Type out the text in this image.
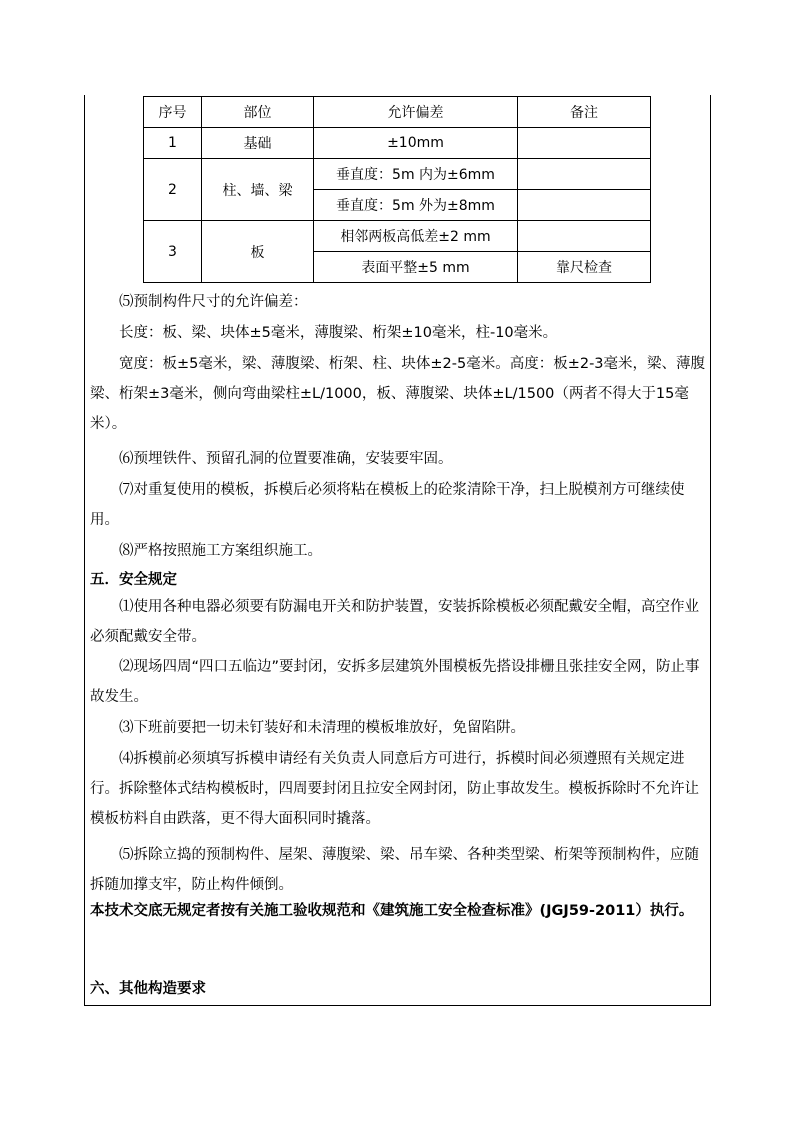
序号	部位	允许偏差	备注
1	基础	±10mm	
2	柱、墙、梁	垂直度：5m 内为±6mm	
		垂直度：5m 外为±8mm	
3	板	相邻两板高低差±2 mm	
		表面平整±5 mm	靠尺检查
⑸预制构件尺寸的允许偏差：
长度：板、梁、块体±5毫米，薄腹梁、桁架±10毫米，柱-10毫米。
宽度：板±5毫米，梁、薄腹梁、桁架、柱、块体±2-5毫米。高度：板±2-3毫米，梁、薄腹梁、桁架±3毫米，侧向弯曲梁柱±L/1000，板、薄腹梁、块体±L/1500（两者不得大于15毫米）。
⑹预埋铁件、预留孔洞的位置要准确，安装要牢固。
⑺对重复使用的模板，拆模后必须将粘在模板上的砼浆清除干净，扫上脱模剂方可继续使用。
⑻严格按照施工方案组织施工。
五．安全规定
⑴使用各种电器必须要有防漏电开关和防护装置，安装拆除模板必须配戴安全帽，高空作业必须配戴安全带。
⑵现场四周“四口五临边”要封闭，安拆多层建筑外围模板先搭设排栅且张挂安全网，防止事故发生。
⑶下班前要把一切未钉装好和未清理的模板堆放好，免留陷阱。
⑷拆模前必须填写拆模申请经有关负责人同意后方可进行，拆模时间必须遵照有关规定进行。拆除整体式结构模板时，四周要封闭且拉安全网封闭，防止事故发生。模板拆除时不允许让模板枋料自由跌落，更不得大面积同时撬落。
⑸拆除立捣的预制构件、屋架、薄腹梁、梁、吊车梁、各种类型梁、桁架等预制构件，应随拆随加撑支牢，防止构件倾倒。
本技术交底无规定者按有关施工验收规范和《建筑施工安全检查标准》(JGJ59-2011）执行。
六、其他构造要求
